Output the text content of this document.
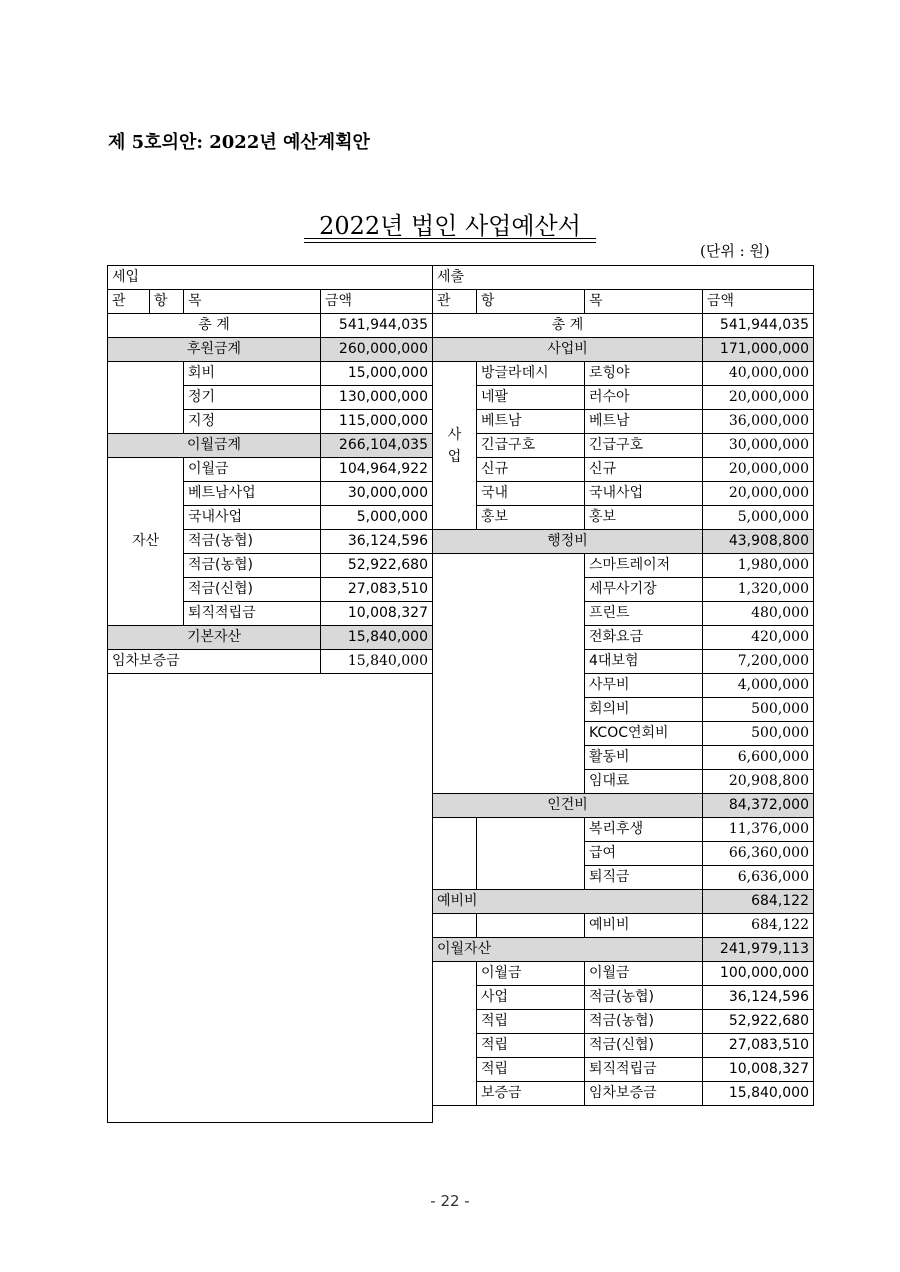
제 5호의안: 2022년 예산계획안
2022년 법인 사업예산서
(단위 : 원)
세입			
관	항	목	금액
총 계			541,944,035
후원금계			260,000,000
		회비	15,000,000
		정기	130,000,000
		지정	115,000,000
이월금계			266,104,035
자산		이월금	104,964,922
		베트남사업	30,000,000
		국내사업	5,000,000
		적금(농협)	36,124,596
		적금(농협)	52,922,680
		적금(신협)	27,083,510
		퇴직적립금	10,008,327
기본자산			15,840,000
임차보증금			15,840,000

세출			
관	항	목	금액
총 계			541,944,035
사업비			171,000,000

사
업	방글라데시	로힝야	40,000,000
	네팔	러수아	20,000,000
	베트남	베트남	36,000,000
	긴급구호	긴급구호	30,000,000
	신규	신규	20,000,000
	국내	국내사업	20,000,000
	홍보	홍보	5,000,000
행정비			43,908,800
		스마트레이저	1,980,000
		세무사기장	1,320,000
		프린트	480,000
		전화요금	420,000
		4대보험	7,200,000
		사무비	4,000,000
		회의비	500,000
		KCOC연회비	500,000
		활동비	6,600,000
		임대료	20,908,800
인건비			84,372,000
		복리후생	11,376,000
		급여	66,360,000
		퇴직금	6,636,000
예비비			684,122
		예비비	684,122
이월자산			241,979,113
	이월금	이월금	100,000,000
	사업	적금(농협)	36,124,596
	적립	적금(농협)	52,922,680
	적립	적금(신협)	27,083,510
	적립	퇴직적립금	10,008,327
	보증금	임차보증금	15,840,000
- 22 -
